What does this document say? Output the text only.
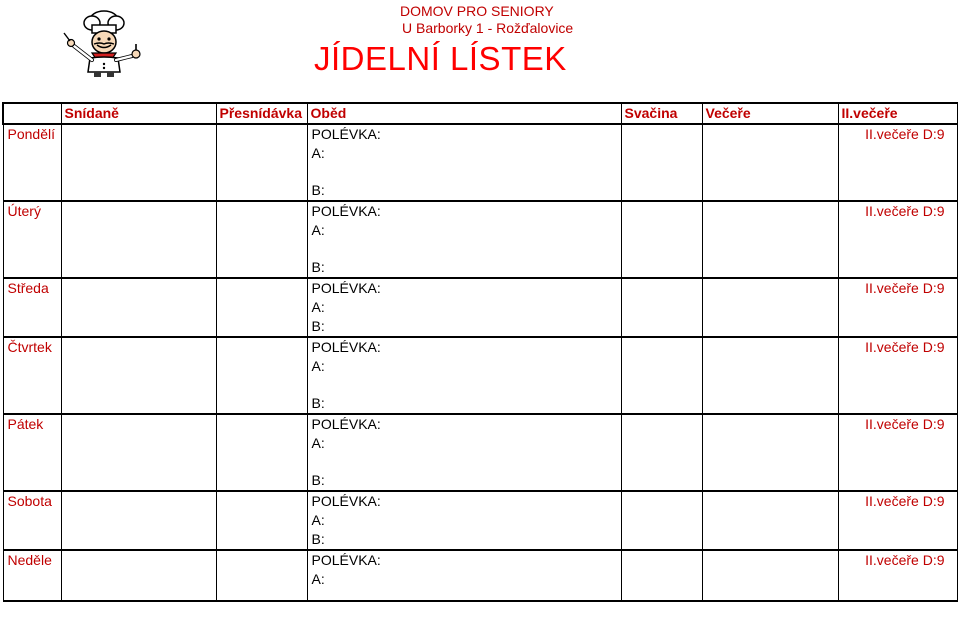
DOMOV PRO SENIORY
U Barborky 1 - Rožďalovice
JÍDELNÍ LÍSTEK
	Snídaně	Přesnídávka	Oběd	Svačina	Večeře	II.večeře
Pondělí			POLÉVKA:
A:
B:			II.večeře D:9
Úterý			POLÉVKA:
A:
B:			II.večeře D:9
Středa			POLÉVKA:
A:
B:			II.večeře D:9
Čtvrtek			POLÉVKA:
A:
B:			II.večeře D:9
Pátek			POLÉVKA:
A:
B:			II.večeře D:9
Sobota			POLÉVKA:
A:
B:			II.večeře D:9
Neděle			POLÉVKA:
A:			II.večeře D:9
